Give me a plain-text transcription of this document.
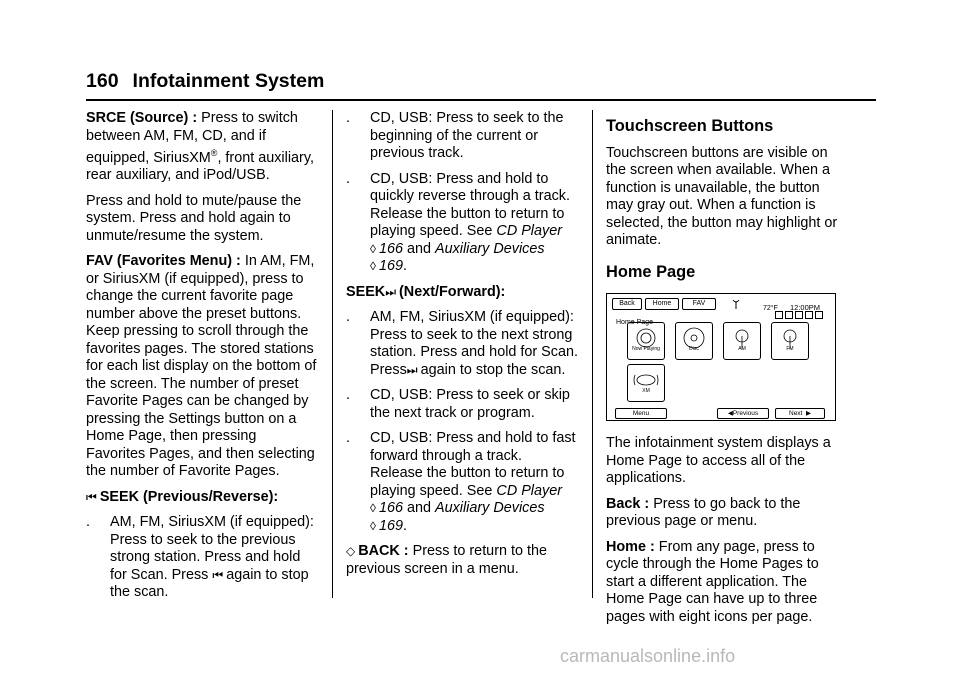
160 Infotainment System

SRCE (Source) : Press to switch between AM, FM, CD, and if equipped, SiriusXM®, front auxiliary, rear auxiliary, and iPod/USB.

Press and hold to mute/pause the system. Press and hold again to unmute/resume the system.

FAV (Favorites Menu) : In AM, FM, or SiriusXM (if equipped), press to change the current favorite page number above the preset buttons. Keep pressing to scroll through the favorites pages. The stored stations for each list display on the bottom of the screen. The number of preset Favorite Pages can be changed by pressing the Settings button on a Home Page, then pressing Favorites Pages, and then selecting the number of Favorite Pages.

⏮ SEEK (Previous/Reverse):

.	AM, FM, SiriusXM (if equipped): Press to seek to the previous strong station. Press and hold for Scan. Press ⏮ again to stop the scan.
.	CD, USB: Press to seek to the beginning of the current or previous track.
.	CD, USB: Press and hold to quickly reverse through a track. Release the button to return to playing speed. See CD Player ◊ 166 and Auxiliary Devices ◊ 169.

SEEK⏭ (Next/Forward):

.	AM, FM, SiriusXM (if equipped): Press to seek to the next strong station. Press and hold for Scan.
Press⏭ again to stop the scan.
.	CD, USB: Press to seek or skip the next track or program.
.	CD, USB: Press and hold to fast forward through a track. Release the button to return to playing speed. See CD Player ◊ 166 and Auxiliary Devices ◊ 169.

◇ BACK : Press to return to the previous screen in a menu.

Touchscreen Buttons

Touchscreen buttons are visible on the screen when available. When a function is unavailable, the button may gray out. When a function is selected, the button may highlight or animate.

Home Page
Back	Home	FAV
72°F 12:00PM
Home Page
Now Playing	Disc	AM	FM
XM
Menu	◀ Previous	Next ▶

The infotainment system displays a Home Page to access all of the applications.

Back : Press to go back to the previous page or menu.

Home : From any page, press to cycle through the Home Pages to start a different application. The Home Page can have up to three pages with eight icons per page.

carmanualsonline.info
